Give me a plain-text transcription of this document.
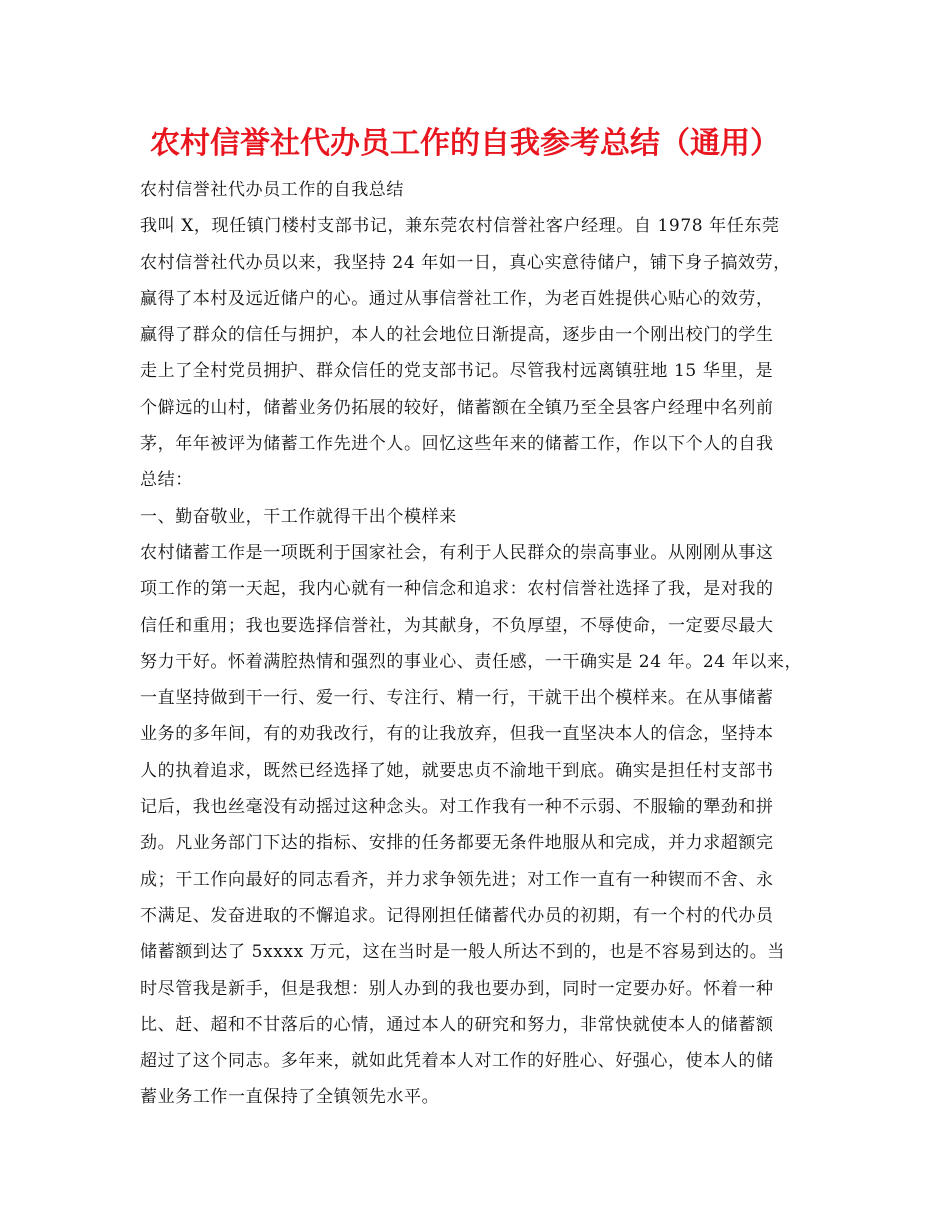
农村信誉社代办员工作的自我参考总结（通用）

农村信誉社代办员工作的自我总结

我叫 X，现任镇门楼村支部书记，兼东莞农村信誉社客户经理。自 1978 年任东莞

农村信誉社代办员以来，我坚持 24 年如一日，真心实意待储户，铺下身子搞效劳，

赢得了本村及远近储户的心。通过从事信誉社工作，为老百姓提供心贴心的效劳，

赢得了群众的信任与拥护，本人的社会地位日渐提高，逐步由一个刚出校门的学生

走上了全村党员拥护、群众信任的党支部书记。尽管我村远离镇驻地 15 华里，是

个僻远的山村，储蓄业务仍拓展的较好，储蓄额在全镇乃至全县客户经理中名列前

茅，年年被评为储蓄工作先进个人。回忆这些年来的储蓄工作，作以下个人的自我

总结：

一、勤奋敬业，干工作就得干出个模样来

农村储蓄工作是一项既利于国家社会，有利于人民群众的崇高事业。从刚刚从事这

项工作的第一天起，我内心就有一种信念和追求：农村信誉社选择了我，是对我的

信任和重用；我也要选择信誉社，为其献身，不负厚望，不辱使命，一定要尽最大

努力干好。怀着满腔热情和强烈的事业心、责任感，一干确实是 24 年。24 年以来，

一直坚持做到干一行、爱一行、专注行、精一行，干就干出个模样来。在从事储蓄

业务的多年间，有的劝我改行，有的让我放弃，但我一直坚决本人的信念，坚持本

人的执着追求，既然已经选择了她，就要忠贞不渝地干到底。确实是担任村支部书

记后，我也丝毫没有动摇过这种念头。对工作我有一种不示弱、不服输的犟劲和拼

劲。凡业务部门下达的指标、安排的任务都要无条件地服从和完成，并力求超额完

成；干工作向最好的同志看齐，并力求争领先进；对工作一直有一种锲而不舍、永

不满足、发奋进取的不懈追求。记得刚担任储蓄代办员的初期，有一个村的代办员

储蓄额到达了 5xxxx 万元，这在当时是一般人所达不到的，也是不容易到达的。当

时尽管我是新手，但是我想：别人办到的我也要办到，同时一定要办好。怀着一种

比、赶、超和不甘落后的心情，通过本人的研究和努力，非常快就使本人的储蓄额

超过了这个同志。多年来，就如此凭着本人对工作的好胜心、好强心，使本人的储

蓄业务工作一直保持了全镇领先水平。
